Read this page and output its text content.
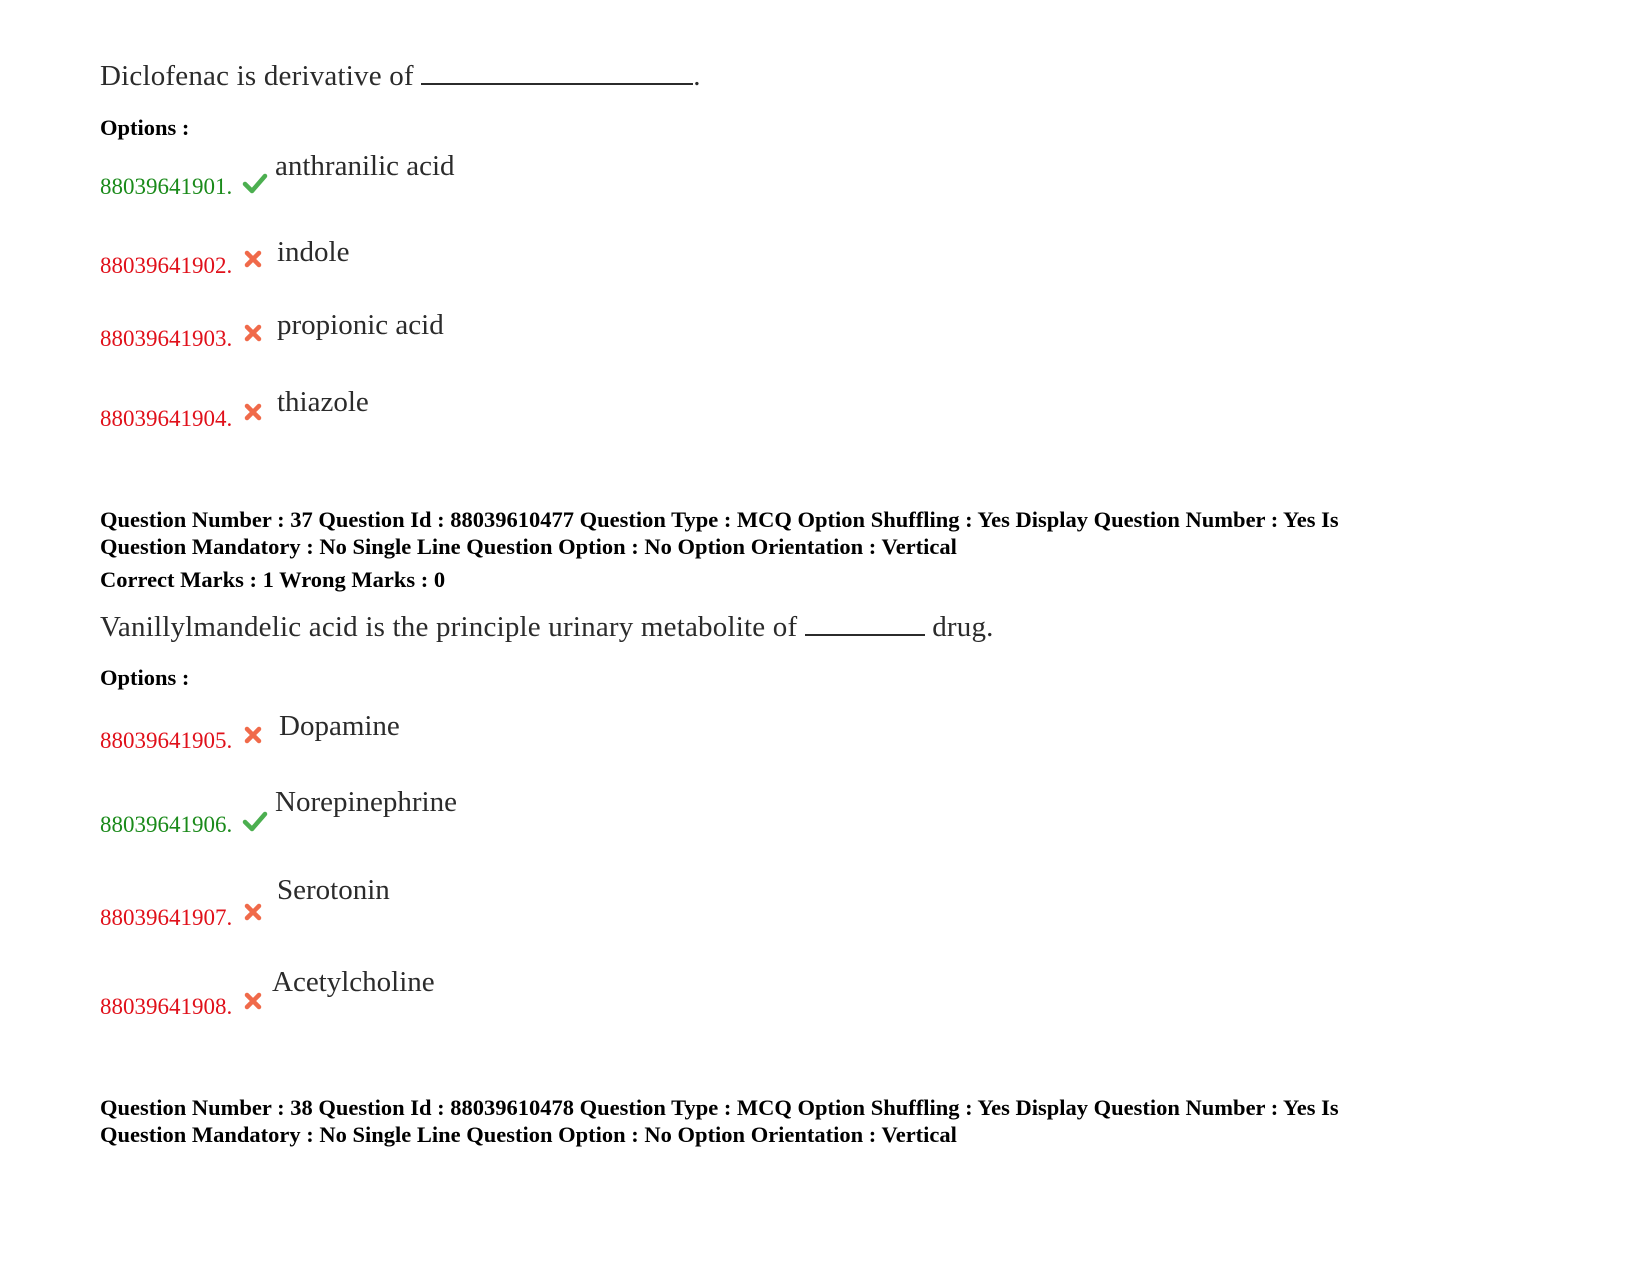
Diclofenac is derivative of	.
Options :
88039641901.
anthranilic acid
88039641902. indole
88039641903. propionic acid
88039641904.
thiazole
Question Number : 37 Question Id : 88039610477 Question Type : MCQ Option Shuffling : Yes Display Question Number : Yes Is
Question Mandatory : No Single Line Question Option : No Option Orientation : Vertical
Correct Marks : 1 Wrong Marks : 0
Vanillylmandelic acid is the principle urinary metabolite of	drug.
Options :
88039641905. Dopamine
88039641906.
Norepinephrine
88039641907.
Serotonin
88039641908.
Acetylcholine
Question Number : 38 Question Id : 88039610478 Question Type : MCQ Option Shuffling : Yes Display Question Number : Yes Is
Question Mandatory : No Single Line Question Option : No Option Orientation : Vertical
